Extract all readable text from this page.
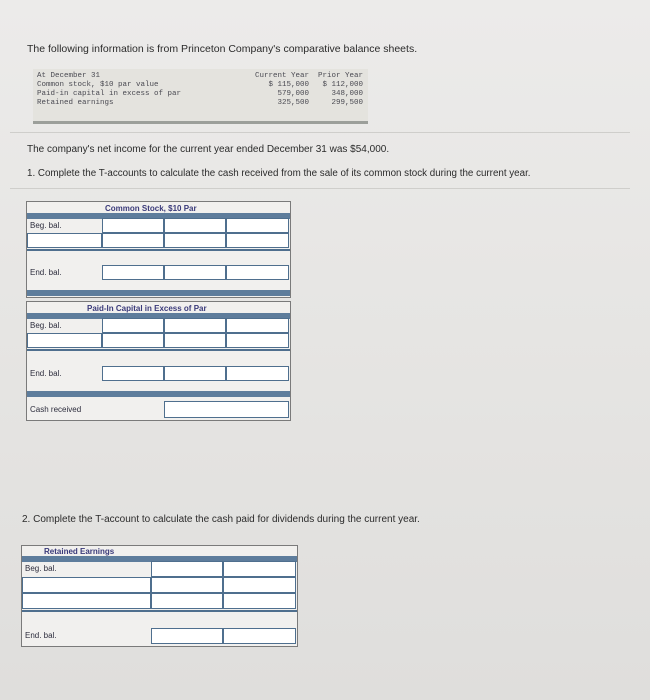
The following information is from Princeton Company's comparative balance sheets.
At December 31	Current Year Prior Year
Common stock, $10 par value	$ 115,000	$ 112,000
Paid-in capital in excess of par	579,000	348,000
Retained earnings	325,500	299,500
The company's net income for the current year ended December 31 was $54,000.
1. Complete the T-accounts to calculate the cash received from the sale of its common stock during the current year.
Common Stock, $10 Par
Beg. bal.
End. bal.
Paid-In Capital in Excess of Par
Beg. bal.
End. bal.
Cash received
2. Complete the T-account to calculate the cash paid for dividends during the current year.
Retained Earnings
Beg. bal.
End. bal.
